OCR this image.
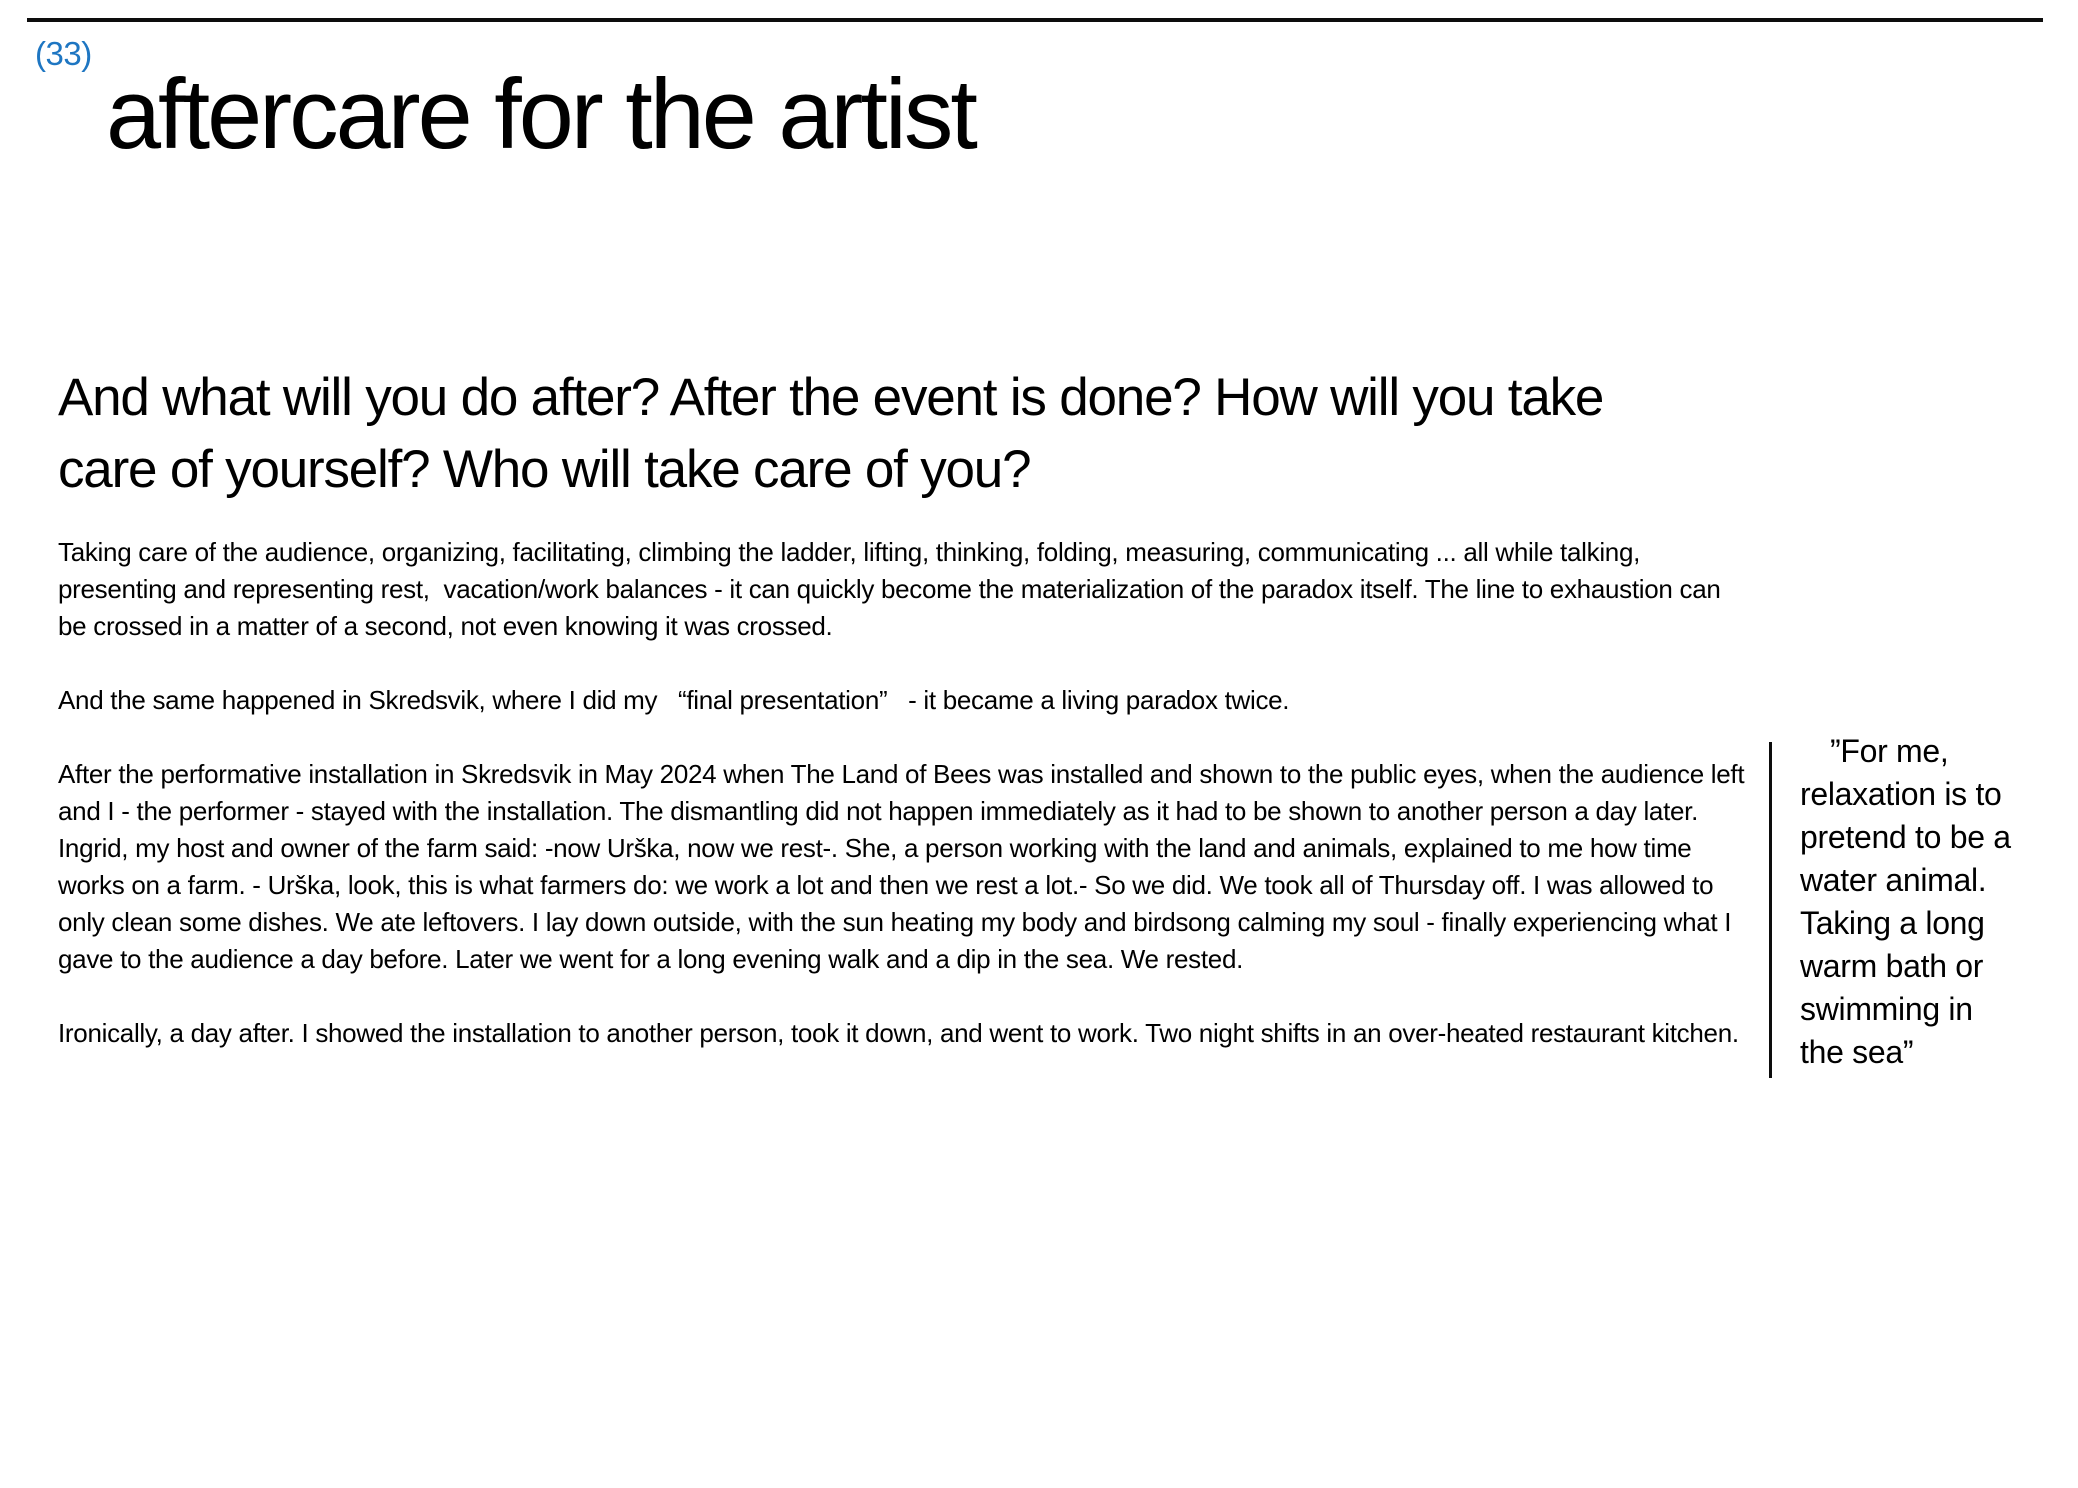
(33)
aftercare for the artist
And what will you do after? After the event is done? How will you take care of yourself? Who will take care of you?

Taking care of the audience, organizing, facilitating, climbing the ladder, lifting, thinking, folding, measuring, communicating ... all while talking, presenting and representing rest,  vacation/work balances - it can quickly become the materialization of the paradox itself. The line to exhaustion can be crossed in a matter of a second, not even knowing it was crossed.

And the same happened in Skredsvik, where I did my   “final presentation”   - it became a living paradox twice.

After the performative installation in Skredsvik in May 2024 when The Land of Bees was installed and shown to the public eyes, when the audience left and I - the performer - stayed with the installation. The dismantling did not happen immediately as it had to be shown to another person a day later. Ingrid, my host and owner of the farm said: -now Urška, now we rest-. She, a person working with the land and animals, explained to me how time works on a farm. - Urška, look, this is what farmers do: we work a lot and then we rest a lot.- So we did. We took all of Thursday off. I was allowed to only clean some dishes. We ate leftovers. I lay down outside, with the sun heating my body and birdsong calming my soul - finally experiencing what I gave to the audience a day before. Later we went for a long evening walk and a dip in the sea. We rested.

Ironically, a day after. I showed the installation to another person, took it down, and went to work. Two night shifts in an over-heated restaurant kitchen.

”For me,
relaxation is to
pretend to be a
water animal.
Taking a long
warm bath or
swimming in
the sea”
